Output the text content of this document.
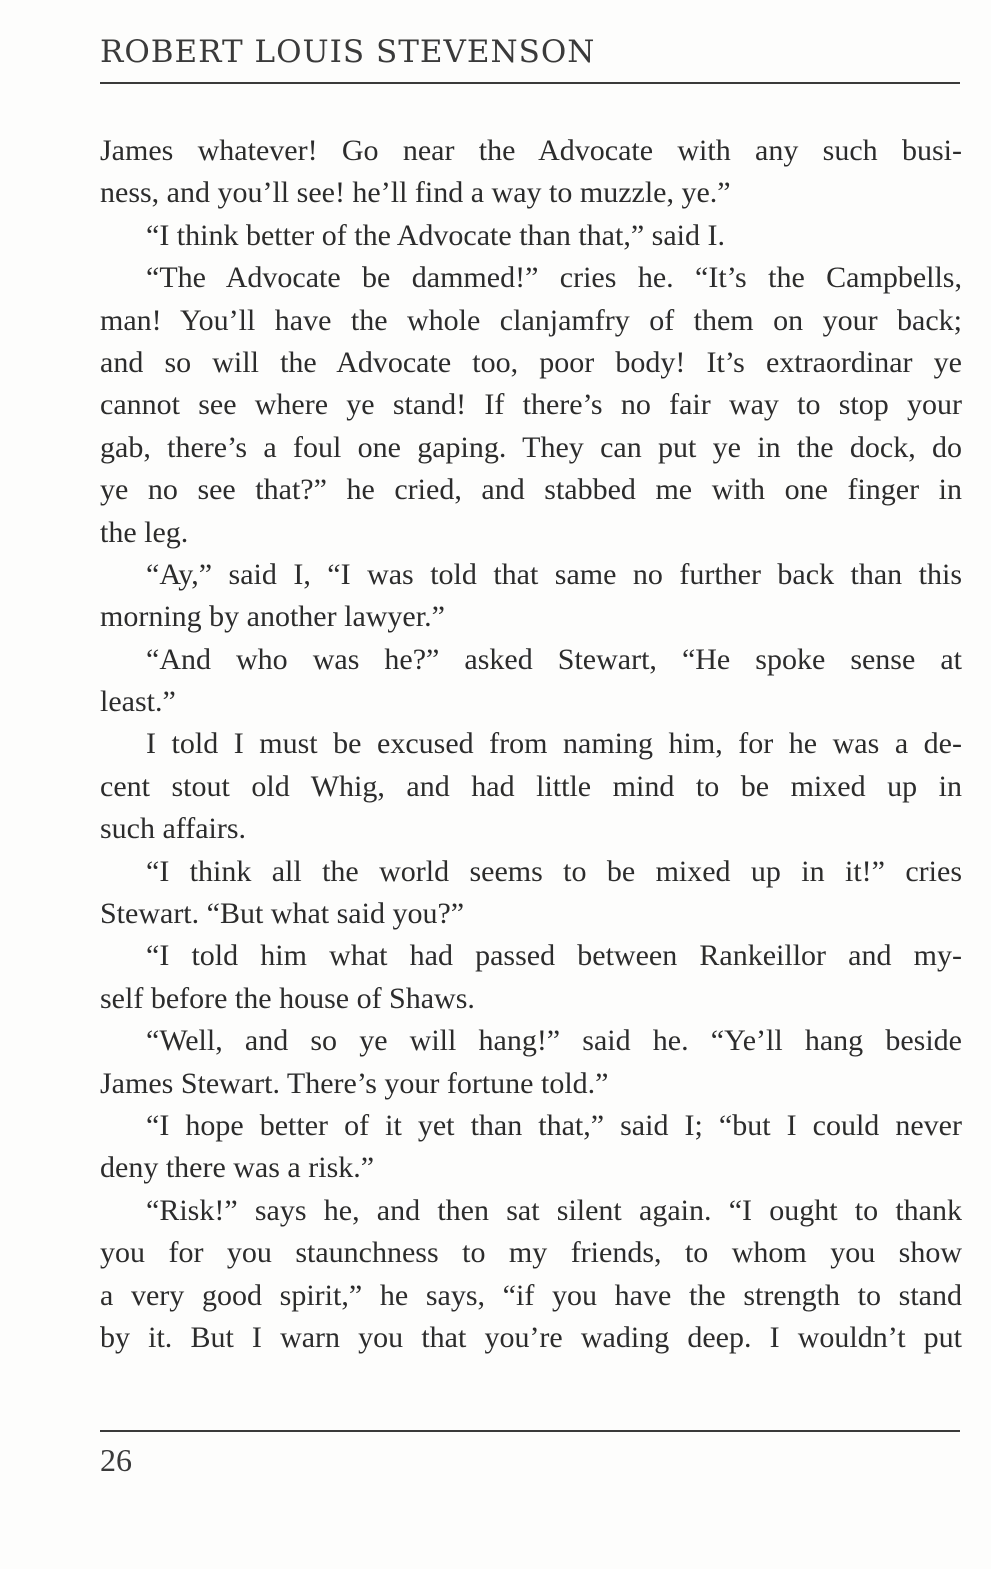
ROBERT LOUIS STEVENSON
James whatever! Go near the Advocate with any such busi-
ness, and you’ll see! he’ll find a way to muzzle, ye.”
“I think better of the Advocate than that,” said I.
“The Advocate be dammed!” cries he. “It’s the Campbells,
man! You’ll have the whole clanjamfry of them on your back;
and so will the Advocate too, poor body! It’s extraordinar ye
cannot see where ye stand! If there’s no fair way to stop your
gab, there’s a foul one gaping. They can put ye in the dock, do
ye no see that?” he cried, and stabbed me with one finger in
the leg.
“Ay,” said I, “I was told that same no further back than this
morning by another lawyer.”
“And who was he?” asked Stewart, “He spoke sense at
least.”
I told I must be excused from naming him, for he was a de-
cent stout old Whig, and had little mind to be mixed up in
such affairs.
“I think all the world seems to be mixed up in it!” cries
Stewart. “But what said you?”
“I told him what had passed between Rankeillor and my-
self before the house of Shaws.
“Well, and so ye will hang!” said he. “Ye’ll hang beside
James Stewart. There’s your fortune told.”
“I hope better of it yet than that,” said I; “but I could never
deny there was a risk.”
“Risk!” says he, and then sat silent again. “I ought to thank
you for you staunchness to my friends, to whom you show
a very good spirit,” he says, “if you have the strength to stand
by it. But I warn you that you’re wading deep. I wouldn’t put
26
